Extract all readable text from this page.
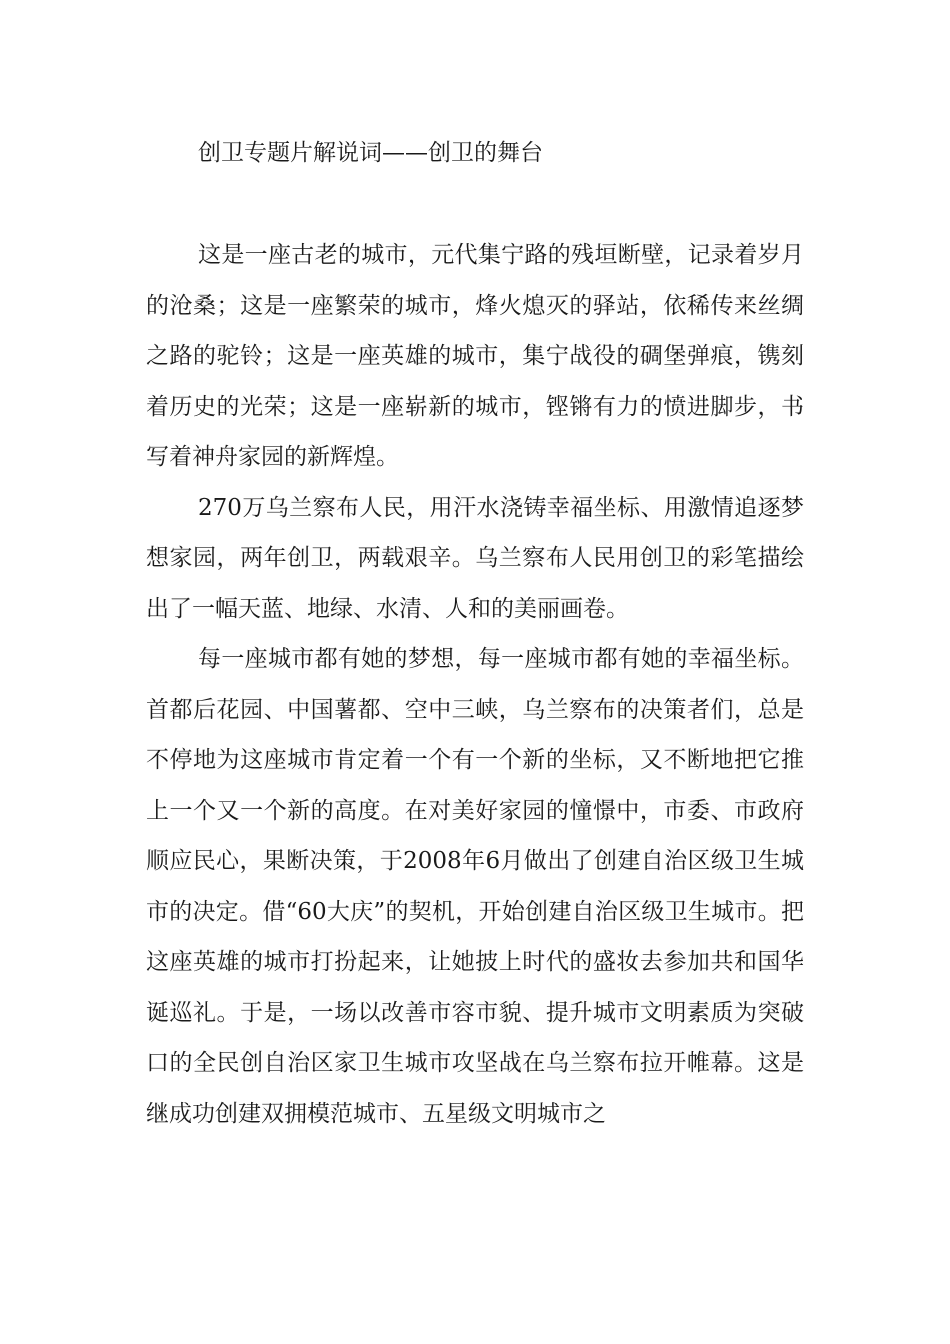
创卫专题片解说词——创卫的舞台

这是一座古老的城市，元代集宁路的残垣断壁，记录着岁月的沧桑；这是一座繁荣的城市，烽火熄灭的驿站，依稀传来丝绸之路的驼铃；这是一座英雄的城市，集宁战役的碉堡弹痕，镌刻着历史的光荣；这是一座崭新的城市，铿锵有力的愤进脚步，书写着神舟家园的新辉煌。

270万乌兰察布人民，用汗水浇铸幸福坐标、用激情追逐梦想家园，两年创卫，两载艰辛。乌兰察布人民用创卫的彩笔描绘出了一幅天蓝、地绿、水清、人和的美丽画卷。

每一座城市都有她的梦想，每一座城市都有她的幸福坐标。首都后花园、中国薯都、空中三峡，乌兰察布的决策者们，总是不停地为这座城市肯定着一个有一个新的坐标，又不断地把它推上一个又一个新的高度。在对美好家园的憧憬中，市委、市政府顺应民心，果断决策，于2008年6月做出了创建自治区级卫生城市的决定。借“60大庆”的契机，开始创建自治区级卫生城市。把这座英雄的城市打扮起来，让她披上时代的盛妆去参加共和国华诞巡礼。于是，一场以改善市容市貌、提升城市文明素质为突破口的全民创自治区家卫生城市攻坚战在乌兰察布拉开帷幕。这是继成功创建双拥模范城市、五星级文明城市之
